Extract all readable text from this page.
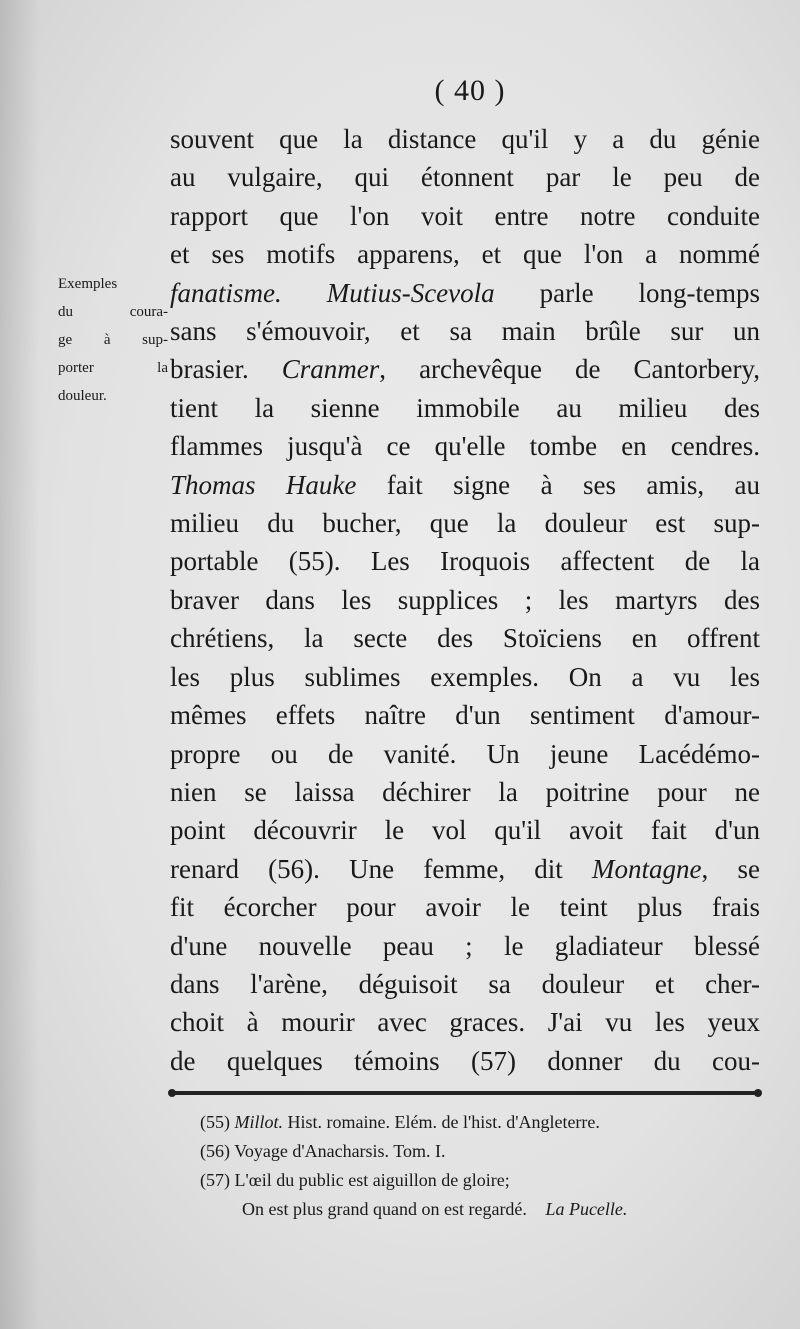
( 40 )
Exemples
du coura-
ge à sup-
porter la
douleur.
souvent que la distance qu'il y a du génie
au vulgaire, qui étonnent par le peu de
rapport que l'on voit entre notre conduite
et ses motifs apparens, et que l'on a nommé
fanatisme. Mutius-Scevola parle long-temps
sans s'émouvoir, et sa main brûle sur un
brasier. Cranmer, archevêque de Cantorbery,
tient la sienne immobile au milieu des
flammes jusqu'à ce qu'elle tombe en cendres.
Thomas Hauke fait signe à ses amis, au
milieu du bucher, que la douleur est sup-
portable (55). Les Iroquois affectent de la
braver dans les supplices ; les martyrs des
chrétiens, la secte des Stoïciens en offrent
les plus sublimes exemples. On a vu les
mêmes effets naître d'un sentiment d'amour-
propre ou de vanité. Un jeune Lacédémo-
nien se laissa déchirer la poitrine pour ne
point découvrir le vol qu'il avoit fait d'un
renard (56). Une femme, dit Montagne, se
fit écorcher pour avoir le teint plus frais
d'une nouvelle peau ; le gladiateur blessé
dans l'arène, déguisoit sa douleur et cher-
choit à mourir avec graces. J'ai vu les yeux
de quelques témoins (57) donner du cou-
(55) Millot. Hist. romaine. Elém. de l'hist. d'Angleterre.
(56) Voyage d'Anacharsis. Tom. I.
(57) L'œil du public est aiguillon de gloire;
On est plus grand quand on est regardé. La Pucelle.
